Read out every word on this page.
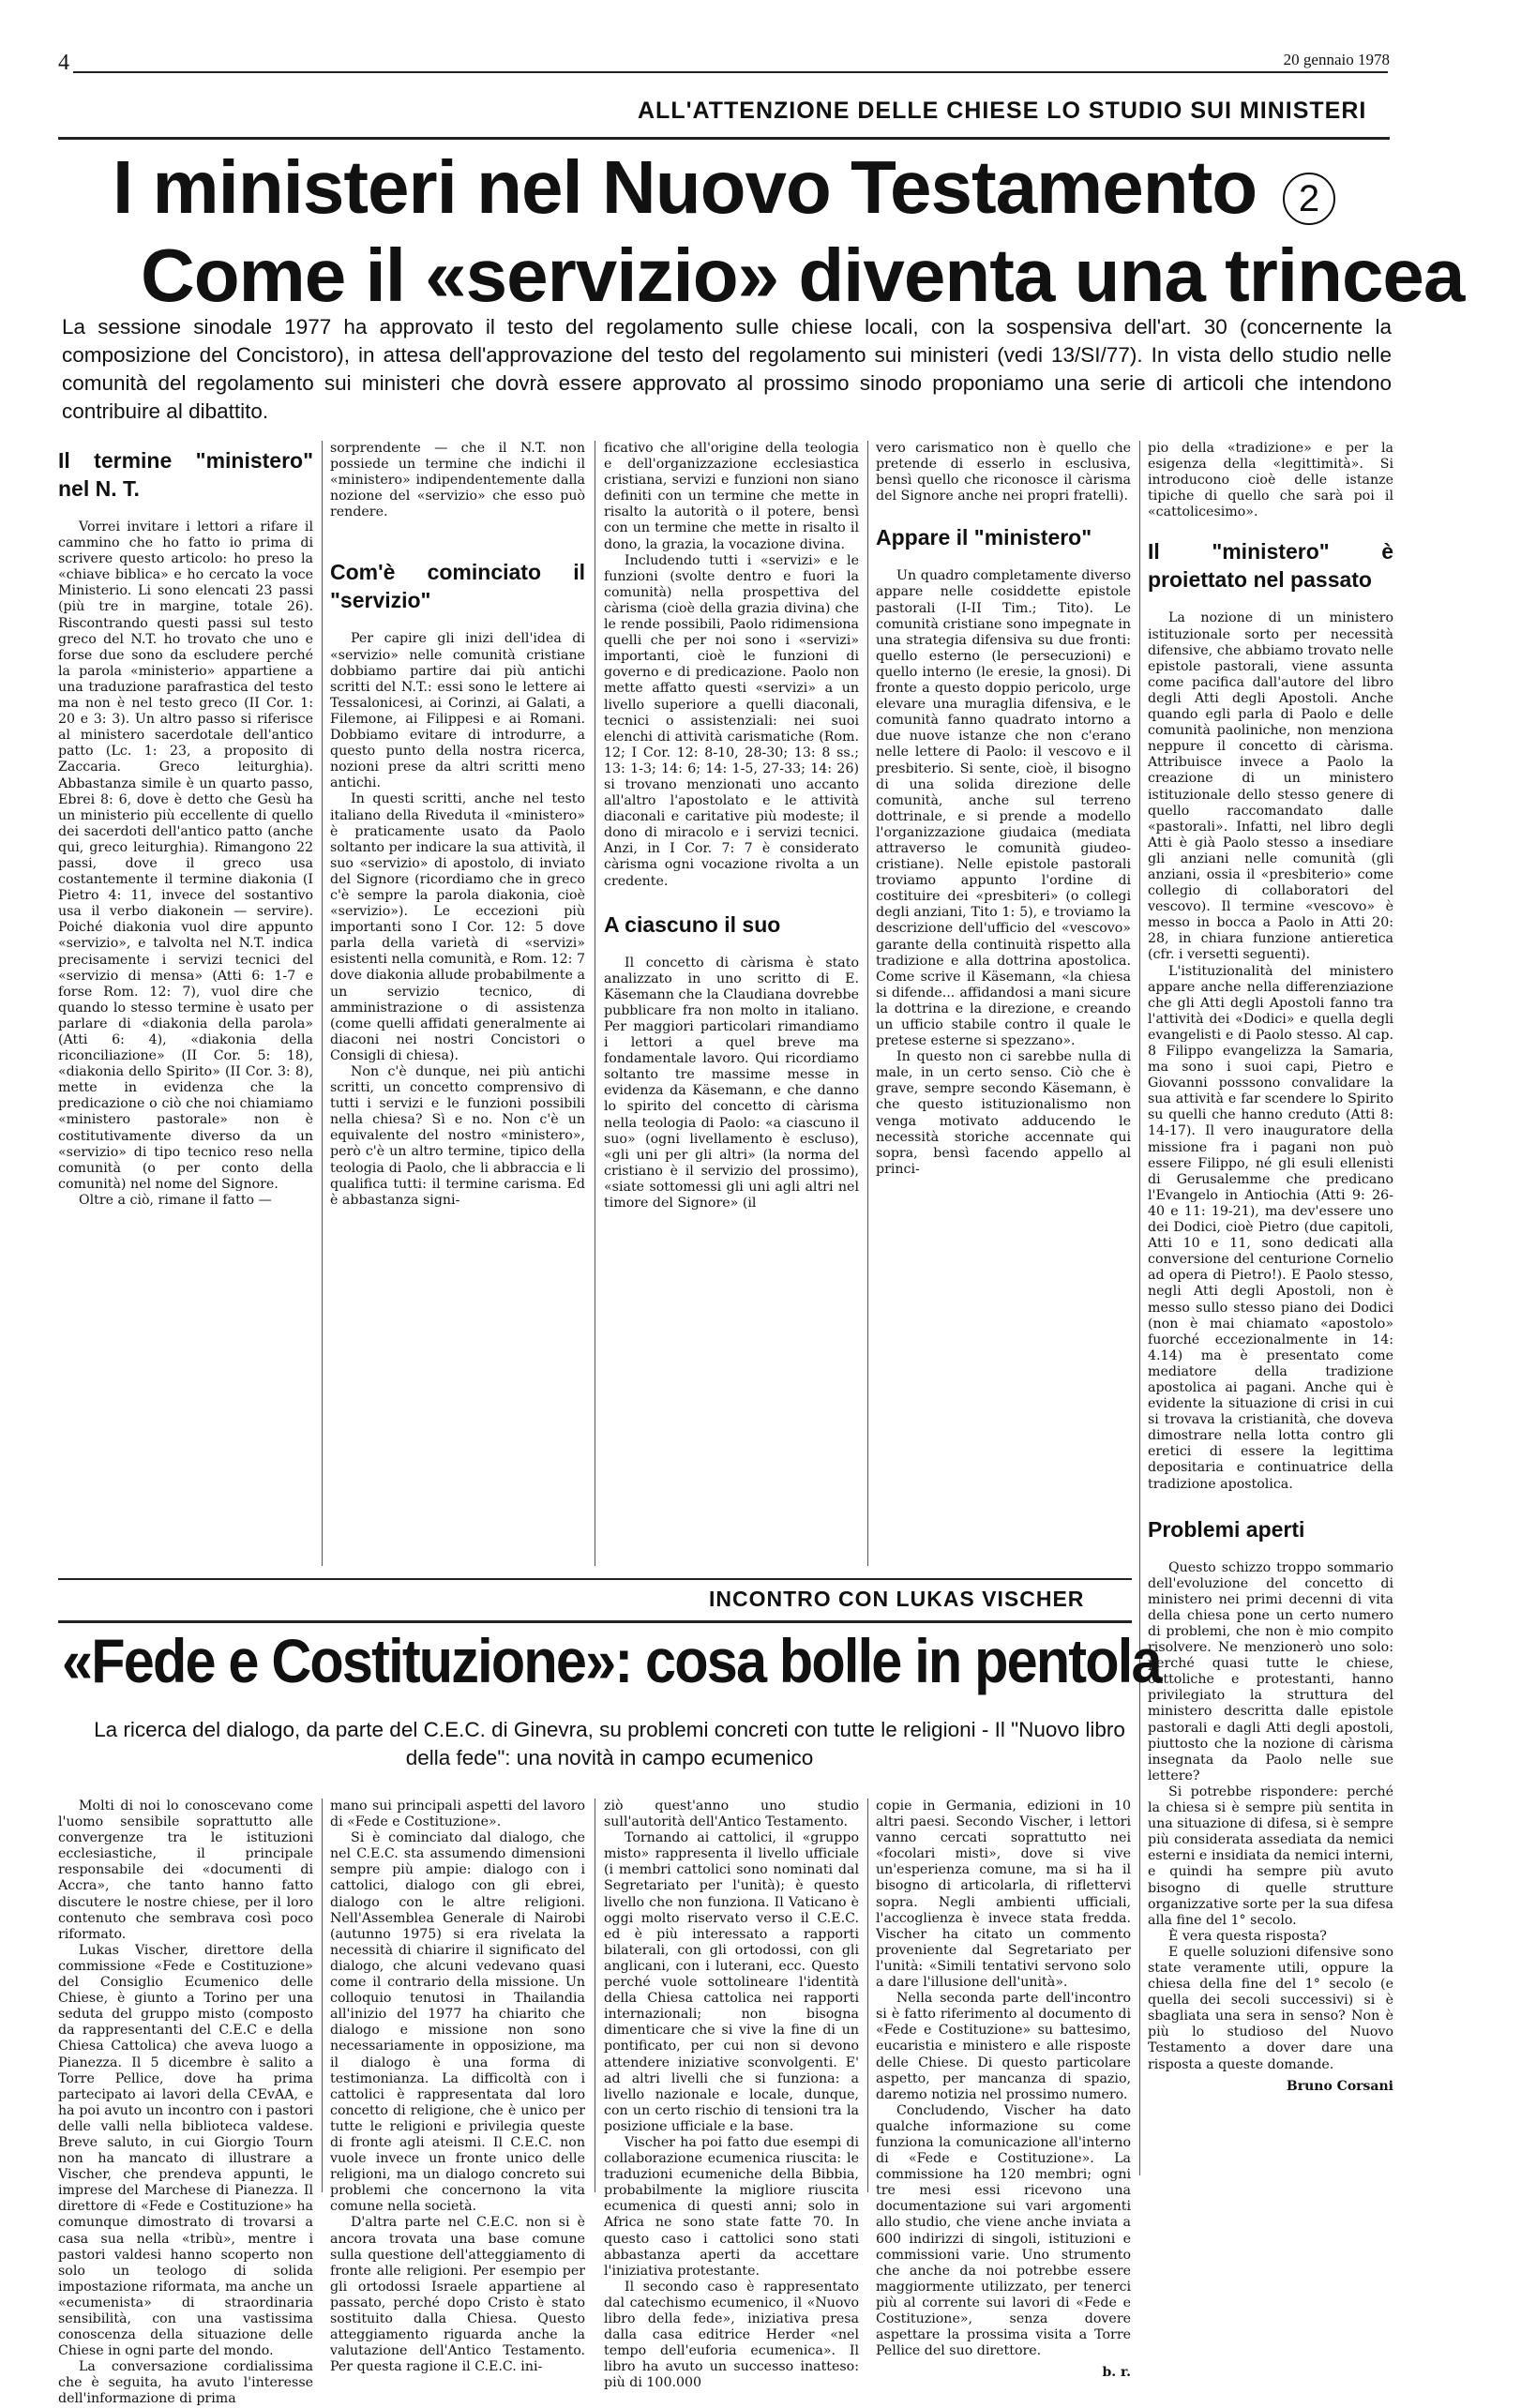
4	20 gennaio 1978
ALL'ATTENZIONE DELLE CHIESE LO STUDIO SUI MINISTERI
I ministeri nel Nuovo Testamento	2
Come il «servizio» diventa una trincea
La sessione sinodale 1977 ha approvato il testo del regolamento sulle chiese locali, con la sospensiva dell'art. 30 (concernente la composizione del Concistoro), in attesa dell'approvazione del testo del regolamento sui ministeri (vedi 13/SI/77). In vista dello studio nelle comunità del regolamento sui ministeri che dovrà essere approvato al prossimo sinodo proponiamo una serie di articoli che intendono contribuire al dibattito.
Il termine "ministero" nel N. T.

Vorrei invitare i lettori a rifare il cammino che ho fatto io prima di scrivere questo articolo: ho preso la «chiave biblica» e ho cercato la voce Ministerio. Li sono elencati 23 passi (più tre in margine, totale 26). Riscontrando questi passi sul testo greco del N.T. ho trovato che uno e forse due sono da escludere perché la parola «ministerio» appartiene a una traduzione parafrastica del testo ma non è nel testo greco (II Cor. 1: 20 e 3: 3). Un altro passo si riferisce al ministero sacerdotale dell'antico patto (Lc. 1: 23, a proposito di Zaccaria. Greco leiturghia). Abbastanza simile è un quarto passo, Ebrei 8: 6, dove è detto che Gesù ha un ministerio più eccellente di quello dei sacerdoti dell'antico patto (anche qui, greco leiturghia). Rimangono 22 passi, dove il greco usa costantemente il termine diakonia (I Pietro 4: 11, invece del sostantivo usa il verbo diakonein — servire). Poiché diakonia vuol dire appunto «servizio», e talvolta nel N.T. indica precisamente i servizi tecnici del «servizio di mensa» (Atti 6: 1-7 e forse Rom. 12: 7), vuol dire che quando lo stesso termine è usato per parlare di «diakonia della parola» (Atti 6: 4), «diakonia della riconciliazione» (II Cor. 5: 18), «diakonia dello Spirito» (II Cor. 3: 8), mette in evidenza che la predicazione o ciò che noi chiamiamo «ministero pastorale» non è costitutivamente diverso da un «servizio» di tipo tecnico reso nella comunità (o per conto della comunità) nel nome del Signore.

Oltre a ciò, rimane il fatto —

sorprendente — che il N.T. non possiede un termine che indichi il «ministero» indipendentemente dalla nozione del «servizio» che esso può rendere.

Com'è cominciato il "servizio"

Per capire gli inizi dell'idea di «servizio» nelle comunità cristiane dobbiamo partire dai più antichi scritti del N.T.: essi sono le lettere ai Tessalonicesi, ai Corinzi, ai Galati, a Filemone, ai Filippesi e ai Romani. Dobbiamo evitare di introdurre, a questo punto della nostra ricerca, nozioni prese da altri scritti meno antichi.

In questi scritti, anche nel testo italiano della Riveduta il «ministero» è praticamente usato da Paolo soltanto per indicare la sua attività, il suo «servizio» di apostolo, di inviato del Signore (ricordiamo che in greco c'è sempre la parola diakonia, cioè «servizio»). Le eccezioni più importanti sono I Cor. 12: 5 dove parla della varietà di «servizi» esistenti nella comunità, e Rom. 12: 7 dove diakonia allude probabilmente a un servizio tecnico, di amministrazione o di assistenza (come quelli affidati generalmente ai diaconi nei nostri Concistori o Consigli di chiesa).

Non c'è dunque, nei più antichi scritti, un concetto comprensivo di tutti i servizi e le funzioni possibili nella chiesa? Sì e no. Non c'è un equivalente del nostro «ministero», però c'è un altro termine, tipico della teologia di Paolo, che li abbraccia e li qualifica tutti: il termine carisma. Ed è abbastanza signi-

ficativo che all'origine della teologia e dell'organizzazione ecclesiastica cristiana, servizi e funzioni non siano definiti con un termine che mette in risalto la autorità o il potere, bensì con un termine che mette in risalto il dono, la grazia, la vocazione divina.

Includendo tutti i «servizi» e le funzioni (svolte dentro e fuori la comunità) nella prospettiva del càrisma (cioè della grazia divina) che le rende possibili, Paolo ridimensiona quelli che per noi sono i «servizi» importanti, cioè le funzioni di governo e di predicazione. Paolo non mette affatto questi «servizi» a un livello superiore a quelli diaconali, tecnici o assistenziali: nei suoi elenchi di attività carismatiche (Rom. 12; I Cor. 12: 8-10, 28-30; 13: 8 ss.; 13: 1-3; 14: 6; 14: 1-5, 27-33; 14: 26) si trovano menzionati uno accanto all'altro l'apostolato e le attività diaconali e caritative più modeste; il dono di miracolo e i servizi tecnici. Anzi, in I Cor. 7: 7 è considerato càrisma ogni vocazione rivolta a un credente.

A ciascuno il suo

Il concetto di càrisma è stato analizzato in uno scritto di E. Käsemann che la Claudiana dovrebbe pubblicare fra non molto in italiano. Per maggiori particolari rimandiamo i lettori a quel breve ma fondamentale lavoro. Qui ricordiamo soltanto tre massime messe in evidenza da Käsemann, e che danno lo spirito del concetto di càrisma nella teologia di Paolo: «a ciascuno il suo» (ogni livellamento è escluso), «gli uni per gli altri» (la norma del cristiano è il servizio del prossimo), «siate sottomessi gli uni agli altri nel timore del Signore» (il

vero carismatico non è quello che pretende di esserlo in esclusiva, bensì quello che riconosce il càrisma del Signore anche nei propri fratelli).

Appare il "ministero"

Un quadro completamente diverso appare nelle cosiddette epistole pastorali (I-II Tim.; Tito). Le comunità cristiane sono impegnate in una strategia difensiva su due fronti: quello esterno (le persecuzioni) e quello interno (le eresie, la gnosi). Di fronte a questo doppio pericolo, urge elevare una muraglia difensiva, e le comunità fanno quadrato intorno a due nuove istanze che non c'erano nelle lettere di Paolo: il vescovo e il presbiterio. Si sente, cioè, il bisogno di una solida direzione delle comunità, anche sul terreno dottrinale, e si prende a modello l'organizzazione giudaica (mediata attraverso le comunità giudeo-cristiane). Nelle epistole pastorali troviamo appunto l'ordine di costituire dei «presbiteri» (o collegi degli anziani, Tito 1: 5), e troviamo la descrizione dell'ufficio del «vescovo» garante della continuità rispetto alla tradizione e alla dottrina apostolica. Come scrive il Käsemann, «la chiesa si difende... affidandosi a mani sicure la dottrina e la direzione, e creando un ufficio stabile contro il quale le pretese esterne si spezzano».

In questo non ci sarebbe nulla di male, in un certo senso. Ciò che è grave, sempre secondo Käsemann, è che questo istituzionalismo non venga motivato adducendo le necessità storiche accennate qui sopra, bensì facendo appello al princi-

pio della «tradizione» e per la esigenza della «legittimità». Si introducono cioè delle istanze tipiche di quello che sarà poi il «cattolicesimo».

Il "ministero" è proiettato nel passato

La nozione di un ministero istituzionale sorto per necessità difensive, che abbiamo trovato nelle epistole pastorali, viene assunta come pacifica dall'autore del libro degli Atti degli Apostoli. Anche quando egli parla di Paolo e delle comunità paoliniche, non menziona neppure il concetto di càrisma. Attribuisce invece a Paolo la creazione di un ministero istituzionale dello stesso genere di quello raccomandato dalle «pastorali». Infatti, nel libro degli Atti è già Paolo stesso a insediare gli anziani nelle comunità (gli anziani, ossia il «presbiterio» come collegio di collaboratori del vescovo). Il termine «vescovo» è messo in bocca a Paolo in Atti 20: 28, in chiara funzione antieretica (cfr. i versetti seguenti).

L'istituzionalità del ministero appare anche nella differenziazione che gli Atti degli Apostoli fanno tra l'attività dei «Dodici» e quella degli evangelisti e di Paolo stesso. Al cap. 8 Filippo evangelizza la Samaria, ma sono i suoi capi, Pietro e Giovanni posssono convalidare la sua attività e far scendere lo Spirito su quelli che hanno creduto (Atti 8: 14-17). Il vero inauguratore della missione fra i pagani non può essere Filippo, né gli esuli ellenisti di Gerusalemme che predicano l'Evangelo in Antiochia (Atti 9: 26-40 e 11: 19-21), ma dev'essere uno dei Dodici, cioè Pietro (due capitoli, Atti 10 e 11, sono dedicati alla conversione del centurione Cornelio ad opera di Pietro!). E Paolo stesso, negli Atti degli Apostoli, non è messo sullo stesso piano dei Dodici (non è mai chiamato «apostolo» fuorché eccezionalmente in 14: 4.14) ma è presentato come mediatore della tradizione apostolica ai pagani. Anche qui è evidente la situazione di crisi in cui si trovava la cristianità, che doveva dimostrare nella lotta contro gli eretici di essere la legittima depositaria e continuatrice della tradizione apostolica.

Problemi aperti

Questo schizzo troppo sommario dell'evoluzione del concetto di ministero nei primi decenni di vita della chiesa pone un certo numero di problemi, che non è mio compito risolvere. Ne menzionerò uno solo: perché quasi tutte le chiese, cattoliche e protestanti, hanno privilegiato la struttura del ministero descritta dalle epistole pastorali e dagli Atti degli apostoli, piuttosto che la nozione di càrisma insegnata da Paolo nelle sue lettere?

Si potrebbe rispondere: perché la chiesa si è sempre più sentita in una situazione di difesa, si è sempre più considerata assediata da nemici esterni e insidiata da nemici interni, e quindi ha sempre più avuto bisogno di quelle strutture organizzative sorte per la sua difesa alla fine del 1° secolo.

È vera questa risposta?

E quelle soluzioni difensive sono state veramente utili, oppure la chiesa della fine del 1° secolo (e quella dei secoli successivi) si è sbagliata una sera in senso? Non è più lo studioso del Nuovo Testamento a dover dare una risposta a queste domande.

Bruno Corsani
INCONTRO CON LUKAS VISCHER
«Fede e Costituzione»: cosa bolle in pentola
La ricerca del dialogo, da parte del C.E.C. di Ginevra, su problemi concreti con tutte le religioni - Il "Nuovo libro della fede": una novità in campo ecumenico

Molti di noi lo conoscevano come l'uomo sensibile soprattutto alle convergenze tra le istituzioni ecclesiastiche, il principale responsabile dei «documenti di Accra», che tanto hanno fatto discutere le nostre chiese, per il loro contenuto che sembrava così poco riformato.

Lukas Vischer, direttore della commissione «Fede e Costituzione» del Consiglio Ecumenico delle Chiese, è giunto a Torino per una seduta del gruppo misto (composto da rappresentanti del C.E.C e della Chiesa Cattolica) che aveva luogo a Pianezza. Il 5 dicembre è salito a Torre Pellice, dove ha prima partecipato ai lavori della CEvAA, e ha poi avuto un incontro con i pastori delle valli nella biblioteca valdese. Breve saluto, in cui Giorgio Tourn non ha mancato di illustrare a Vischer, che prendeva appunti, le imprese del Marchese di Pianezza. Il direttore di «Fede e Costituzione» ha comunque dimostrato di trovarsi a casa sua nella «tribù», mentre i pastori valdesi hanno scoperto non solo un teologo di solida impostazione riformata, ma anche un «ecumenista» di straordinaria sensibilità, con una vastissima conoscenza della situazione delle Chiese in ogni parte del mondo.

La conversazione cordialissima che è seguita, ha avuto l'interesse dell'informazione di prima

mano sui principali aspetti del lavoro di «Fede e Costituzione».

Si è cominciato dal dialogo, che nel C.E.C. sta assumendo dimensioni sempre più ampie: dialogo con i cattolici, dialogo con gli ebrei, dialogo con le altre religioni. Nell'Assemblea Generale di Nairobi (autunno 1975) si era rivelata la necessità di chiarire il significato del dialogo, che alcuni vedevano quasi come il contrario della missione. Un colloquio tenutosi in Thailandia all'inizio del 1977 ha chiarito che dialogo e missione non sono necessariamente in opposizione, ma il dialogo è una forma di testimonianza. La difficoltà con i cattolici è rappresentata dal loro concetto di religione, che è unico per tutte le religioni e privilegia queste di fronte agli ateismi. Il C.E.C. non vuole invece un fronte unico delle religioni, ma un dialogo concreto sui problemi che concernono la vita comune nella società.

D'altra parte nel C.E.C. non si è ancora trovata una base comune sulla questione dell'atteggiamento di fronte alle religioni. Per esempio per gli ortodossi Israele appartiene al passato, perché dopo Cristo è stato sostituito dalla Chiesa. Questo atteggiamento riguarda anche la valutazione dell'Antico Testamento. Per questa ragione il C.E.C. ini-

ziò quest'anno uno studio sull'autorità dell'Antico Testamento.

Tornando ai cattolici, il «gruppo misto» rappresenta il livello ufficiale (i membri cattolici sono nominati dal Segretariato per l'unità); è questo livello che non funziona. Il Vaticano è oggi molto riservato verso il C.E.C. ed è più interessato a rapporti bilaterali, con gli ortodossi, con gli anglicani, con i luterani, ecc. Questo perché vuole sottolineare l'identità della Chiesa cattolica nei rapporti internazionali; non bisogna dimenticare che si vive la fine di un pontificato, per cui non si devono attendere iniziative sconvolgenti. E' ad altri livelli che si funziona: a livello nazionale e locale, dunque, con un certo rischio di tensioni tra la posizione ufficiale e la base.

Vischer ha poi fatto due esempi di collaborazione ecumenica riuscita: le traduzioni ecumeniche della Bibbia, probabilmente la migliore riuscita ecumenica di questi anni; solo in Africa ne sono state fatte 70. In questo caso i cattolici sono stati abbastanza aperti da accettare l'iniziativa protestante.

Il secondo caso è rappresentato dal catechismo ecumenico, il «Nuovo libro della fede», iniziativa presa dalla casa editrice Herder «nel tempo dell'euforia ecumenica». Il libro ha avuto un successo inatteso: più di 100.000

copie in Germania, edizioni in 10 altri paesi. Secondo Vischer, i lettori vanno cercati soprattutto nei «focolari misti», dove si vive un'esperienza comune, ma si ha il bisogno di articolarla, di riflettervi sopra. Negli ambienti ufficiali, l'accoglienza è invece stata fredda. Vischer ha citato un commento proveniente dal Segretariato per l'unità: «Simili tentativi servono solo a dare l'illusione dell'unità».

Nella seconda parte dell'incontro si è fatto riferimento al documento di «Fede e Costituzione» su battesimo, eucaristia e ministero e alle risposte delle Chiese. Di questo particolare aspetto, per mancanza di spazio, daremo notizia nel prossimo numero.

Concludendo, Vischer ha dato qualche informazione su come funziona la comunicazione all'interno di «Fede e Costituzione». La commissione ha 120 membri; ogni tre mesi essi ricevono una documentazione sui vari argomenti allo studio, che viene anche inviata a 600 indirizzi di singoli, istituzioni e commissioni varie. Uno strumento che anche da noi potrebbe essere maggiormente utilizzato, per tenerci più al corrente sui lavori di «Fede e Costituzione», senza dovere aspettare la prossima visita a Torre Pellice del suo direttore.

b. r.
